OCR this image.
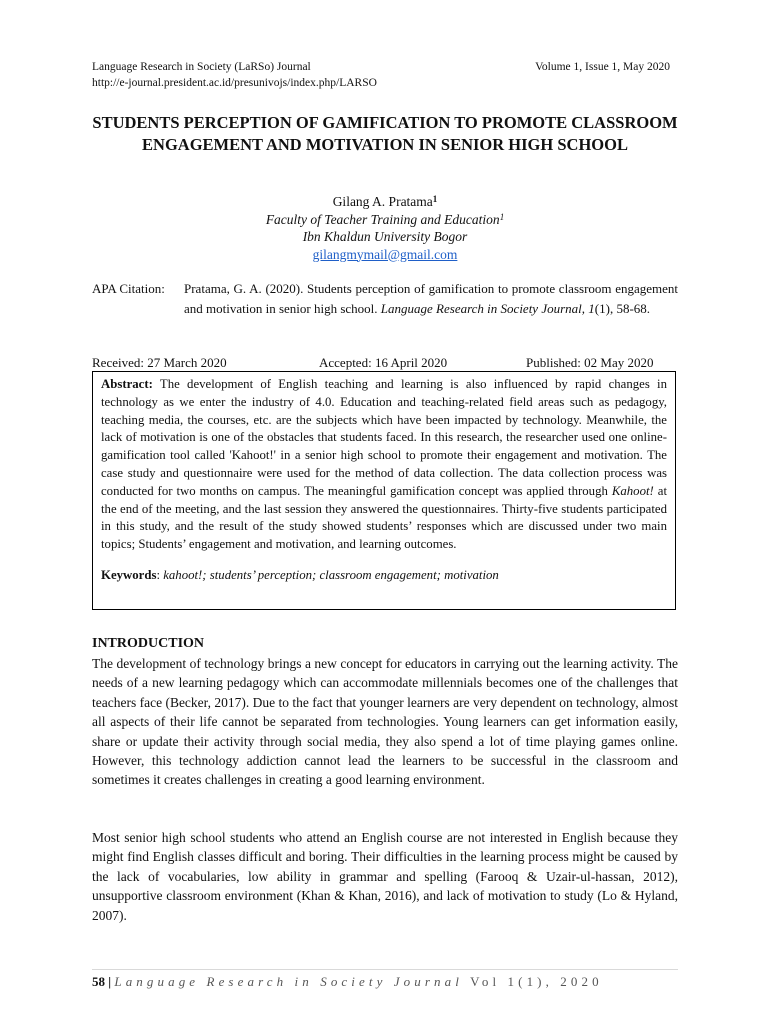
Language Research in Society (LaRSo) Journal
http://e-journal.president.ac.id/presunivojs/index.php/LARSO
Volume 1, Issue 1, May 2020
STUDENTS PERCEPTION OF GAMIFICATION TO PROMOTE CLASSROOM ENGAGEMENT AND MOTIVATION IN SENIOR HIGH SCHOOL
Gilang A. Pratama$^1$
Faculty of Teacher Training and Education$^1$
Ibn Khaldun University Bogor
gilangmymail@gmail.com
APA Citation: Pratama, G. A. (2020). Students perception of gamification to promote classroom engagement and motivation in senior high school. Language Research in Society Journal, 1(1), 58-68.
Received: 27 March 2020	Accepted: 16 April 2020	Published: 02 May 2020
Abstract: The development of English teaching and learning is also influenced by rapid changes in technology as we enter the industry of 4.0. Education and teaching-related field areas such as pedagogy, teaching media, the courses, etc. are the subjects which have been impacted by technology. Meanwhile, the lack of motivation is one of the obstacles that students faced. In this research, the researcher used one online-gamification tool called 'Kahoot!' in a senior high school to promote their engagement and motivation. The case study and questionnaire were used for the method of data collection. The data collection process was conducted for two months on campus. The meaningful gamification concept was applied through Kahoot! at the end of the meeting, and the last session they answered the questionnaires. Thirty-five students participated in this study, and the result of the study showed students’ responses which are discussed under two main topics; Students’ engagement and motivation, and learning outcomes.
Keywords: kahoot!; students’ perception; classroom engagement; motivation
INTRODUCTION

The development of technology brings a new concept for educators in carrying out the learning activity. The needs of a new learning pedagogy which can accommodate millennials becomes one of the challenges that teachers face (Becker, 2017). Due to the fact that younger learners are very dependent on technology, almost all aspects of their life cannot be separated from technologies. Young learners can get information easily, share or update their activity through social media, they also spend a lot of time playing games online. However, this technology addiction cannot lead the learners to be successful in the classroom and sometimes it creates challenges in creating a good learning environment.

Most senior high school students who attend an English course are not interested in English because they might find English classes difficult and boring. Their difficulties in the learning process might be caused by the lack of vocabularies, low ability in grammar and spelling (Farooq & Uzair-ul-hassan, 2012), unsupportive classroom environment (Khan & Khan, 2016), and lack of motivation to study (Lo & Hyland, 2007).

58 | Language Research in Society Journal Vol 1(1), 2020
